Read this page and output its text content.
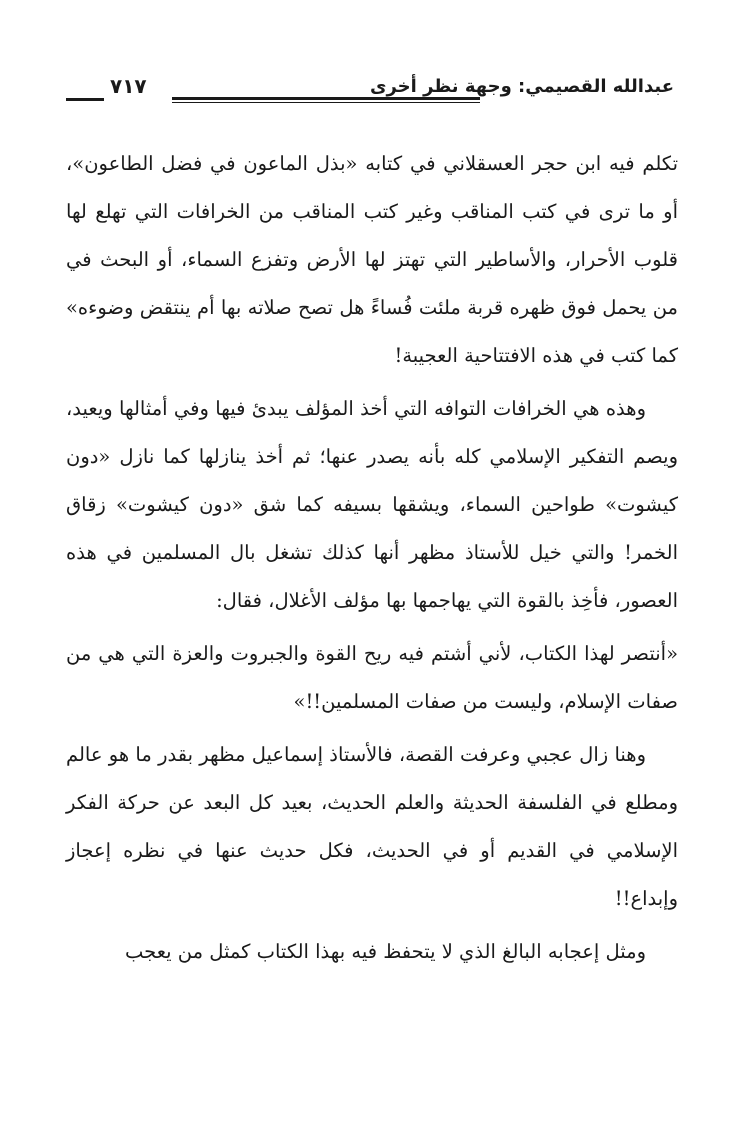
عبدالله القصيمي: وجهة نظر أخرى
٧١٧

تكلم فيه ابن حجر العسقلاني في كتابه «بذل الماعون في فضل الطاعون»، أو ما ترى في كتب المناقب وغير كتب المناقب من الخرافات التي تهلع لها قلوب الأحرار، والأساطير التي تهتز لها الأرض وتفزع السماء، أو البحث في من يحمل فوق ظهره قربة ملئت فُساءً هل تصح صلاته بها أم ينتقض وضوءه» كما كتب في هذه الافتتاحية العجيبة!

وهذه هي الخرافات التوافه التي أخذ المؤلف يبدئ فيها وفي أمثالها ويعيد، ويصم التفكير الإسلامي كله بأنه يصدر عنها؛ ثم أخذ ينازلها كما نازل «دون كيشوت» طواحين السماء، ويشقها بسيفه كما شق «دون كيشوت» زقاق الخمر! والتي خيل للأستاذ مظهر أنها كذلك تشغل بال المسلمين في هذه العصور، فأخِذ بالقوة التي يهاجمها بها مؤلف الأغلال، فقال:

«أنتصر لهذا الكتاب، لأني أشتم فيه ريح القوة والجبروت والعزة التي هي من صفات الإسلام، وليست من صفات المسلمين!!»

وهنا زال عجبي وعرفت القصة، فالأستاذ إسماعيل مظهر بقدر ما هو عالم ومطلع في الفلسفة الحديثة والعلم الحديث، بعيد كل البعد عن حركة الفكر الإسلامي في القديم أو في الحديث، فكل حديث عنها في نظره إعجاز وإبداع!!

ومثل إعجابه البالغ الذي لا يتحفظ فيه بهذا الكتاب كمثل من يعجب
